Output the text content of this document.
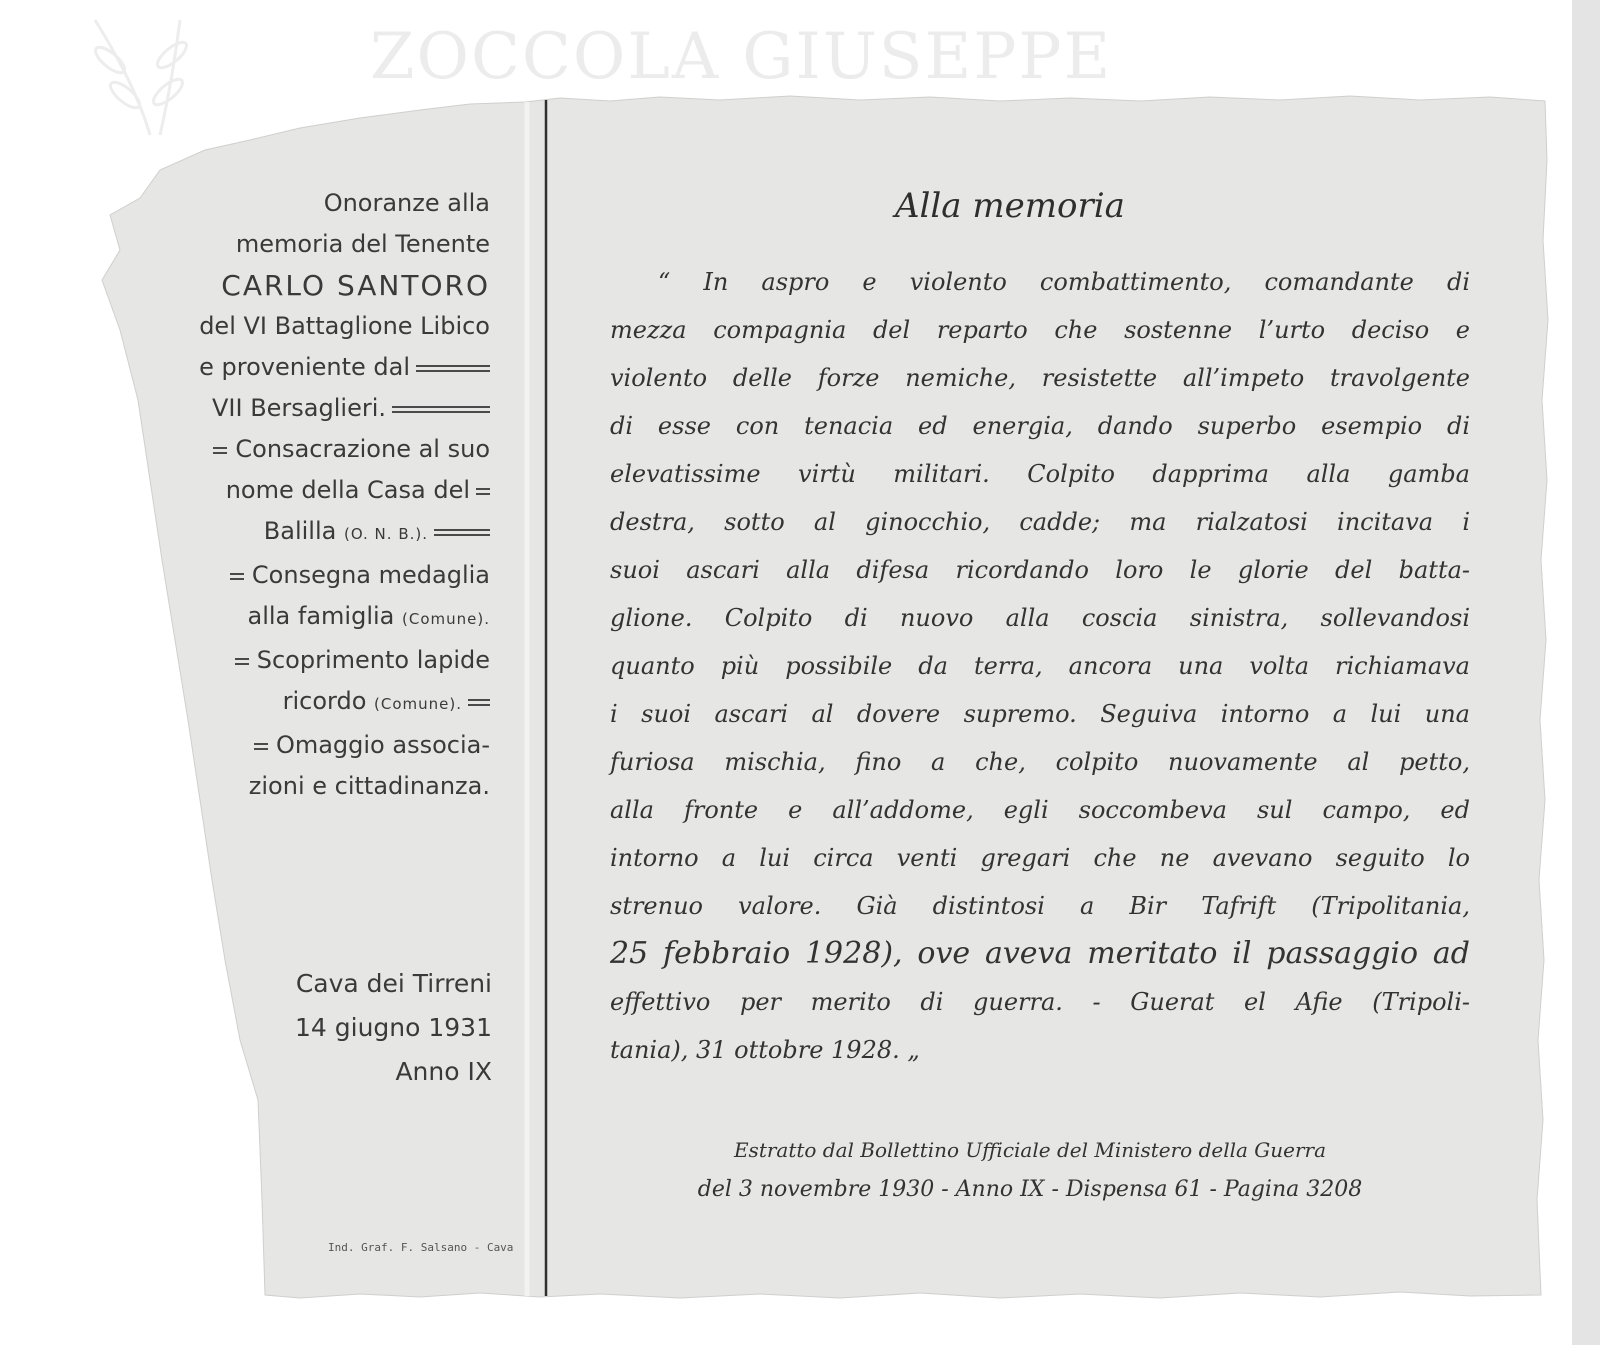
ZOCCOLA GIUSEPPE
Onoranze alla
memoria del Tenente
CARLO SANTORO
del VI Battaglione Libico
e proveniente dal
VII Bersaglieri.
Consacrazione al suo
nome della Casa del
Balilla (O. N. B.).
Consegna medaglia
alla famiglia (Comune).
Scoprimento lapide
ricordo (Comune).
Omaggio associa-
zioni e cittadinanza.
Cava dei Tirreni
14 giugno 1931
Anno IX
Ind. Graf. F. Salsano - Cava
Alla memoria
“ In aspro e violento combattimento, comandante di
mezza compagnia del reparto che sostenne l’urto deciso e
violento delle forze nemiche, resistette all’impeto travolgente
di esse con tenacia ed energia, dando superbo esempio di
elevatissime virtù militari. Colpito dapprima alla gamba
destra, sotto al ginocchio, cadde; ma rialzatosi incitava i
suoi ascari alla difesa ricordando loro le glorie del batta-
glione. Colpito di nuovo alla coscia sinistra, sollevandosi
quanto più possibile da terra, ancora una volta richiamava
i suoi ascari al dovere supremo. Seguiva intorno a lui una
furiosa mischia, fino a che, colpito nuovamente al petto,
alla fronte e all’addome, egli soccombeva sul campo, ed
intorno a lui circa venti gregari che ne avevano seguito lo
strenuo valore. Già distintosi a Bir Tafrift (Tripolitania,
25 febbraio 1928), ove aveva meritato il passaggio ad
effettivo per merito di guerra. - Guerat el Afie (Tripoli-
tania), 31 ottobre 1928. „
Estratto dal Bollettino Ufficiale del Ministero della Guerra
del 3 novembre 1930 - Anno IX - Dispensa 61 - Pagina 3208
